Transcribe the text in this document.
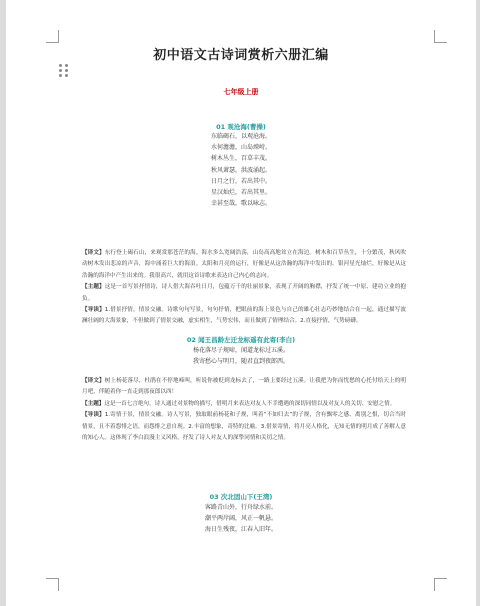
初中语文古诗词赏析六册汇编
七年级上册
01 观沧海(曹操)
东临碣石，以观沧海。
水何澹澹，山岛竦峙。
树木丛生，百草丰茂。
秋风萧瑟，洪波涌起。
日月之行，若出其中。
星汉灿烂，若出其里。
幸甚至哉，歌以咏志。

【译文】东行登上碣石山，来观赏那苍茫的海。海水多么宽阔浩荡，山岛高高地耸立在海边。树木和百草丛生，十分繁茂，秋风吹动树木发出悲凉的声音，海中涌着巨大的海浪。太阳和月亮的运行，好像是从这浩瀚的海洋中发出的。银河星光灿烂，好像是从这浩瀚的海洋中产生出来的。我很高兴，就用这首诗歌来表达自己内心的志向。

【主题】这是一首写景抒情诗，诗人借大海吞吐日月，包蕴万千的壮丽景象，表现了开阔的胸襟，抒发了统一中原、建功立业的抱负。

【导读】1.借景抒情，情景交融。诗歌句句写景，句句抒情，把眼前的海上景色与自己的雄心壮志巧妙地结合在一起，通过描写波澜壮阔的大海景象，不但做到了情景交融，虚实相生，气势宏伟，而且做到了情理结合。2.直接抒情，气势磅礴。

02 闻王昌龄左迁龙标遥有此寄(李白)
杨花落尽子规啼，闻道龙标过五溪。
我寄愁心与明月，随君直到夜郎西。

【译文】树上杨花落尽，杜鹃在不停地啼叫，听说你被贬到龙标去了，一路上要经过五溪。让我把为你而忧愁的心托付给天上的明月吧，伴随着你一直走到那夜郎以西！

【主题】这是一首七言绝句，诗人通过对景物的描写，借明月来表达对友人不幸遭遇的深切同情以及对友人的关切、安慰之情。

【导读】1.寄情于景，情景交融。诗人写景，独取眼前杨花和子规，叫着“不如归去”的子规，含有飘零之感、离别之恨，切合当时情景，且不着怨悱之语，而怨悱之意自现。2.丰富的想象，奇特的比喻。3.借景寄情，将月亮人格化，无知无情的明月成了善解人意的知心人。这体现了李白浪漫主义风格，抒发了诗人对友人的深挚同情和关切之情。

03 次北固山下(王湾)
客路青山外，行舟绿水前。
潮平两岸阔，风正一帆悬。
海日生残夜，江春入旧年。
